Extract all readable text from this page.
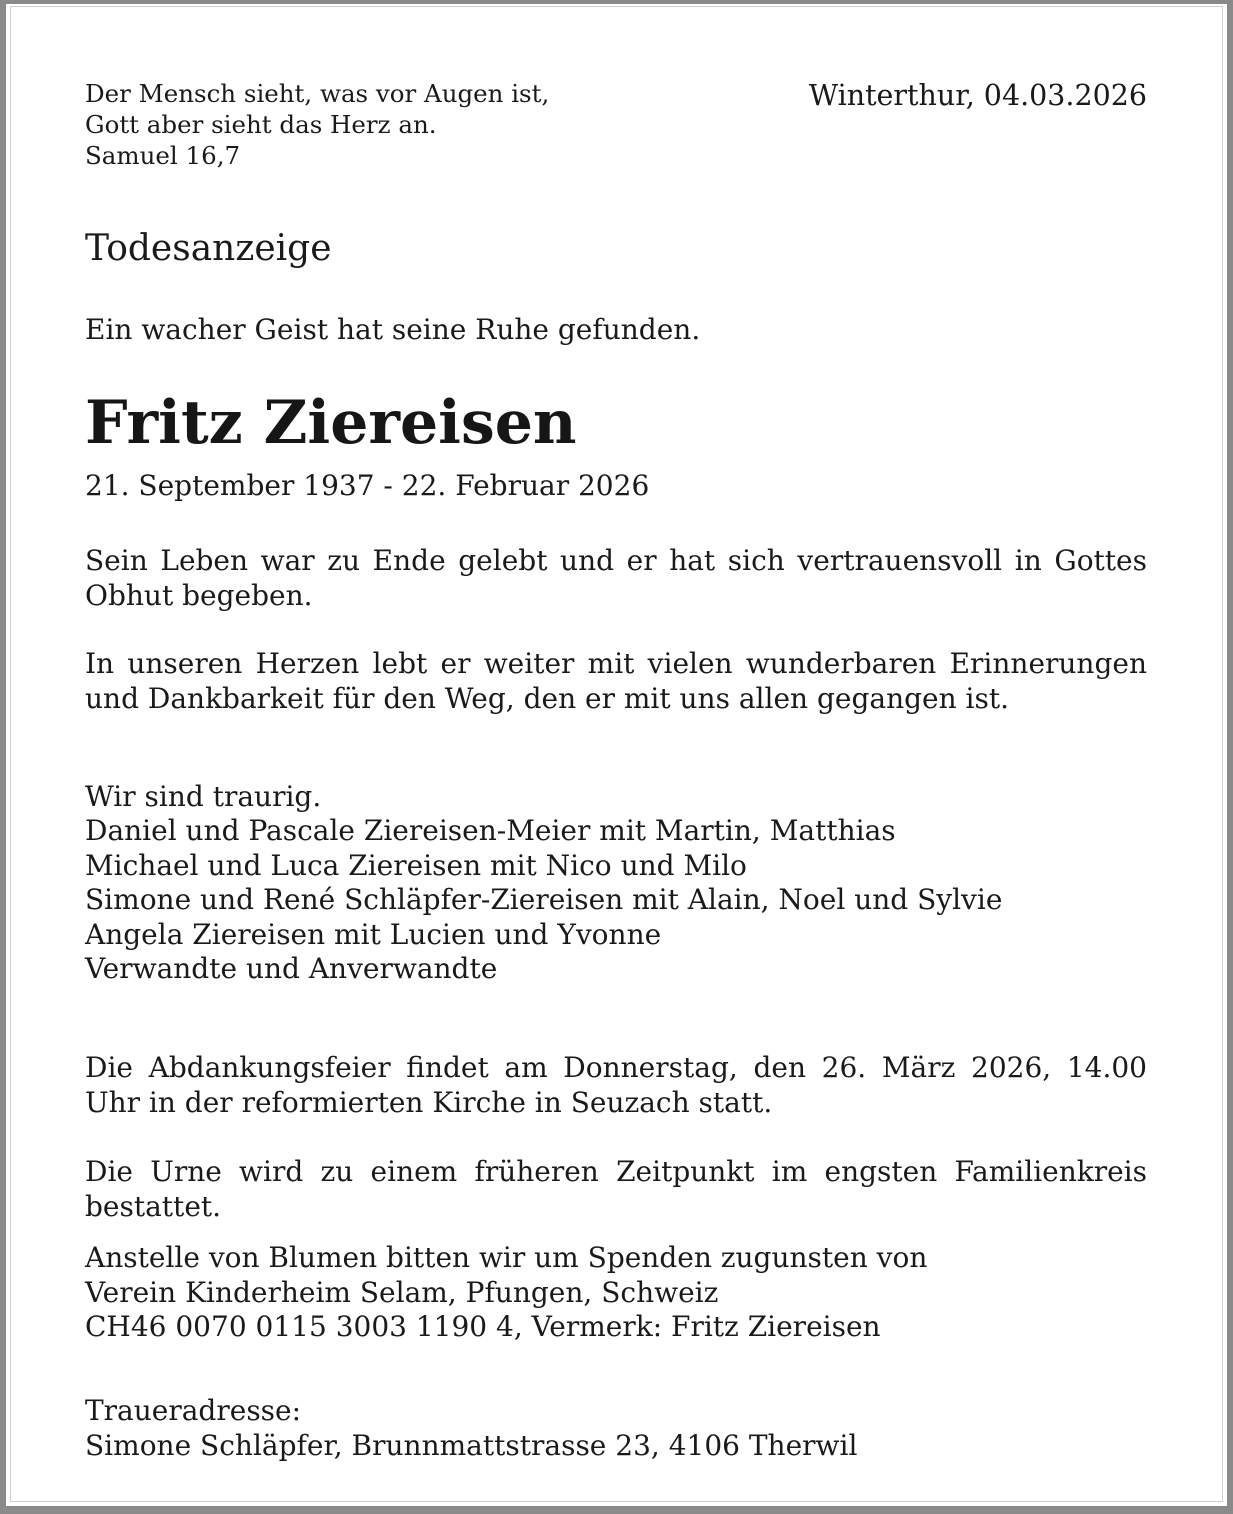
Der Mensch sieht, was vor Augen ist,
Gott aber sieht das Herz an.
Samuel 16,7
Winterthur, 04.03.2026
Todesanzeige
Ein wacher Geist hat seine Ruhe gefunden.
Fritz Ziereisen
21. September 1937 - 22. Februar 2026

Sein Leben war zu Ende gelebt und er hat sich vertrauensvoll in Gottes Obhut begeben.

In unseren Herzen lebt er weiter mit vielen wunderbaren Erinnerungen und Dankbarkeit für den Weg, den er mit uns allen gegangen ist.

Wir sind traurig.
Daniel und Pascale Ziereisen-Meier mit Martin, Matthias
Michael und Luca Ziereisen mit Nico und Milo
Simone und René Schläpfer-Ziereisen mit Alain, Noel und Sylvie
Angela Ziereisen mit Lucien und Yvonne
Verwandte und Anverwandte

Die Abdankungsfeier findet am Donnerstag, den 26. März 2026, 14.00 Uhr in der reformierten Kirche in Seuzach statt.

Die Urne wird zu einem früheren Zeitpunkt im engsten Familienkreis bestattet.

Anstelle von Blumen bitten wir um Spenden zugunsten von
Verein Kinderheim Selam, Pfungen, Schweiz
CH46 0070 0115 3003 1190 4, Vermerk: Fritz Ziereisen
Traueradresse:
Simone Schläpfer, Brunnmattstrasse 23, 4106 Therwil
